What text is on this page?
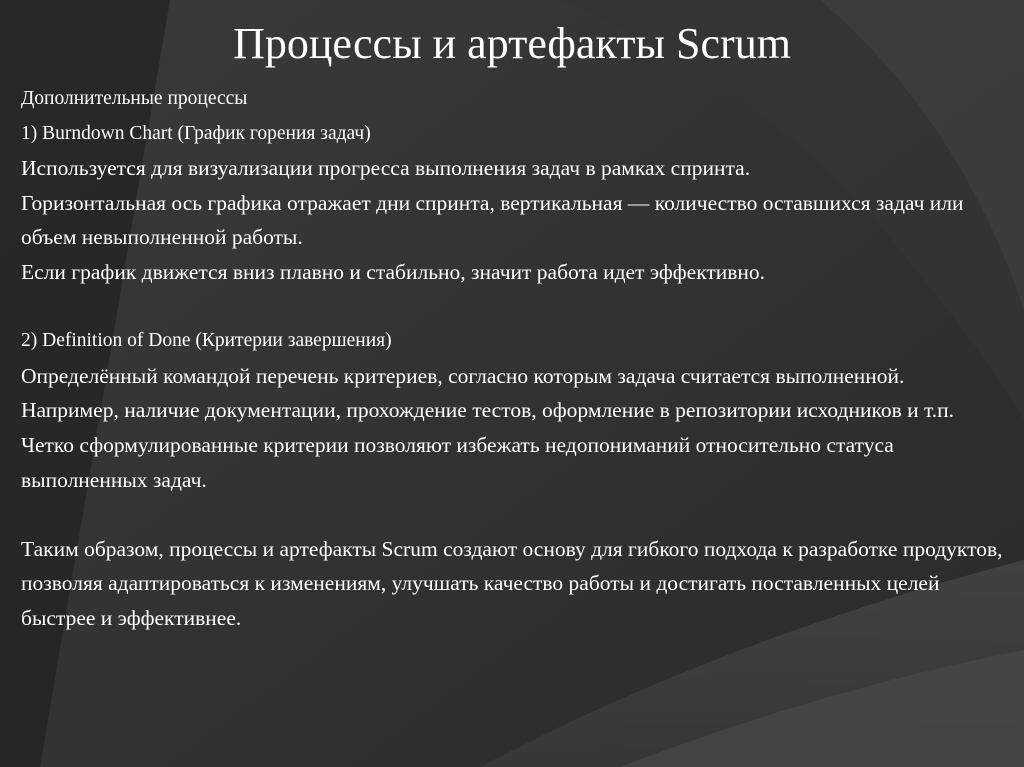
Процессы и артефакты Scrum

Дополнительные процессы

1) Burndown Chart (График горения задач)

Используется для визуализации прогресса выполнения задач в рамках спринта.

Горизонтальная ось графика отражает дни спринта, вертикальная — количество оставшихся задач или объем невыполненной работы.

Если график движется вниз плавно и стабильно, значит работа идет эффективно.

2) Definition of Done (Критерии завершения)

Определённый командой перечень критериев, согласно которым задача считается выполненной.

Например, наличие документации, прохождение тестов, оформление в репозитории исходников и т.п. Четко сформулированные критерии позволяют избежать недопониманий относительно статуса выполненных задач.

Таким образом, процессы и артефакты Scrum создают основу для гибкого подхода к разработке продуктов, позволяя адаптироваться к изменениям, улучшать качество работы и достигать поставленных целей быстрее и эффективнее.
